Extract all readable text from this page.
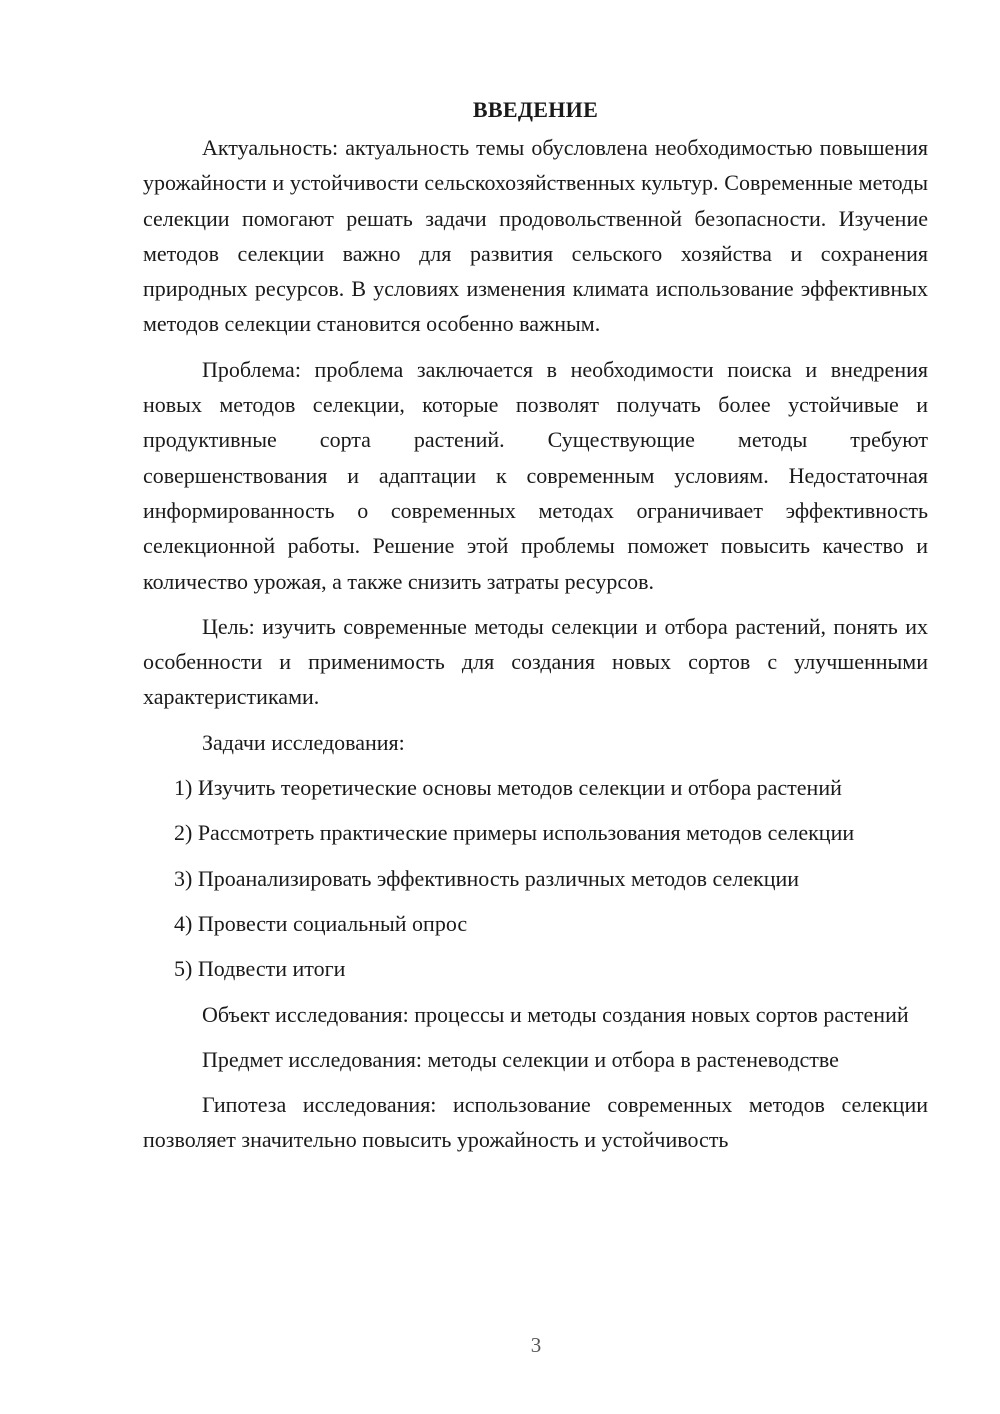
ВВЕДЕНИЕ

Актуальность: актуальность темы обусловлена необходимостью повышения урожайности и устойчивости сельскохозяйственных культур. Современные методы селекции помогают решать задачи продовольственной безопасности. Изучение методов селекции важно для развития сельского хозяйства и сохранения природных ресурсов. В условиях изменения климата использование эффективных методов селекции становится особенно важным.

Проблема: проблема заключается в необходимости поиска и внедрения новых методов селекции, которые позволят получать более устойчивые и продуктивные сорта растений. Существующие методы требуют совершенствования и адаптации к современным условиям. Недостаточная информированность о современных методах ограничивает эффективность селекционной работы. Решение этой проблемы поможет повысить качество и количество урожая, а также снизить затраты ресурсов.

Цель: изучить современные методы селекции и отбора растений, понять их особенности и применимость для создания новых сортов с улучшенными характеристиками.

Задачи исследования:

1) Изучить теоретические основы методов селекции и отбора растений

2) Рассмотреть практические примеры использования методов селекции

3) Проанализировать эффективность различных методов селекции

4) Провести социальный опрос

5) Подвести итоги

Объект исследования: процессы и методы создания новых сортов растений

Предмет исследования: методы селекции и отбора в растеневодстве

Гипотеза исследования: использование современных методов селекции позволяет значительно повысить урожайность и устойчивость

3
